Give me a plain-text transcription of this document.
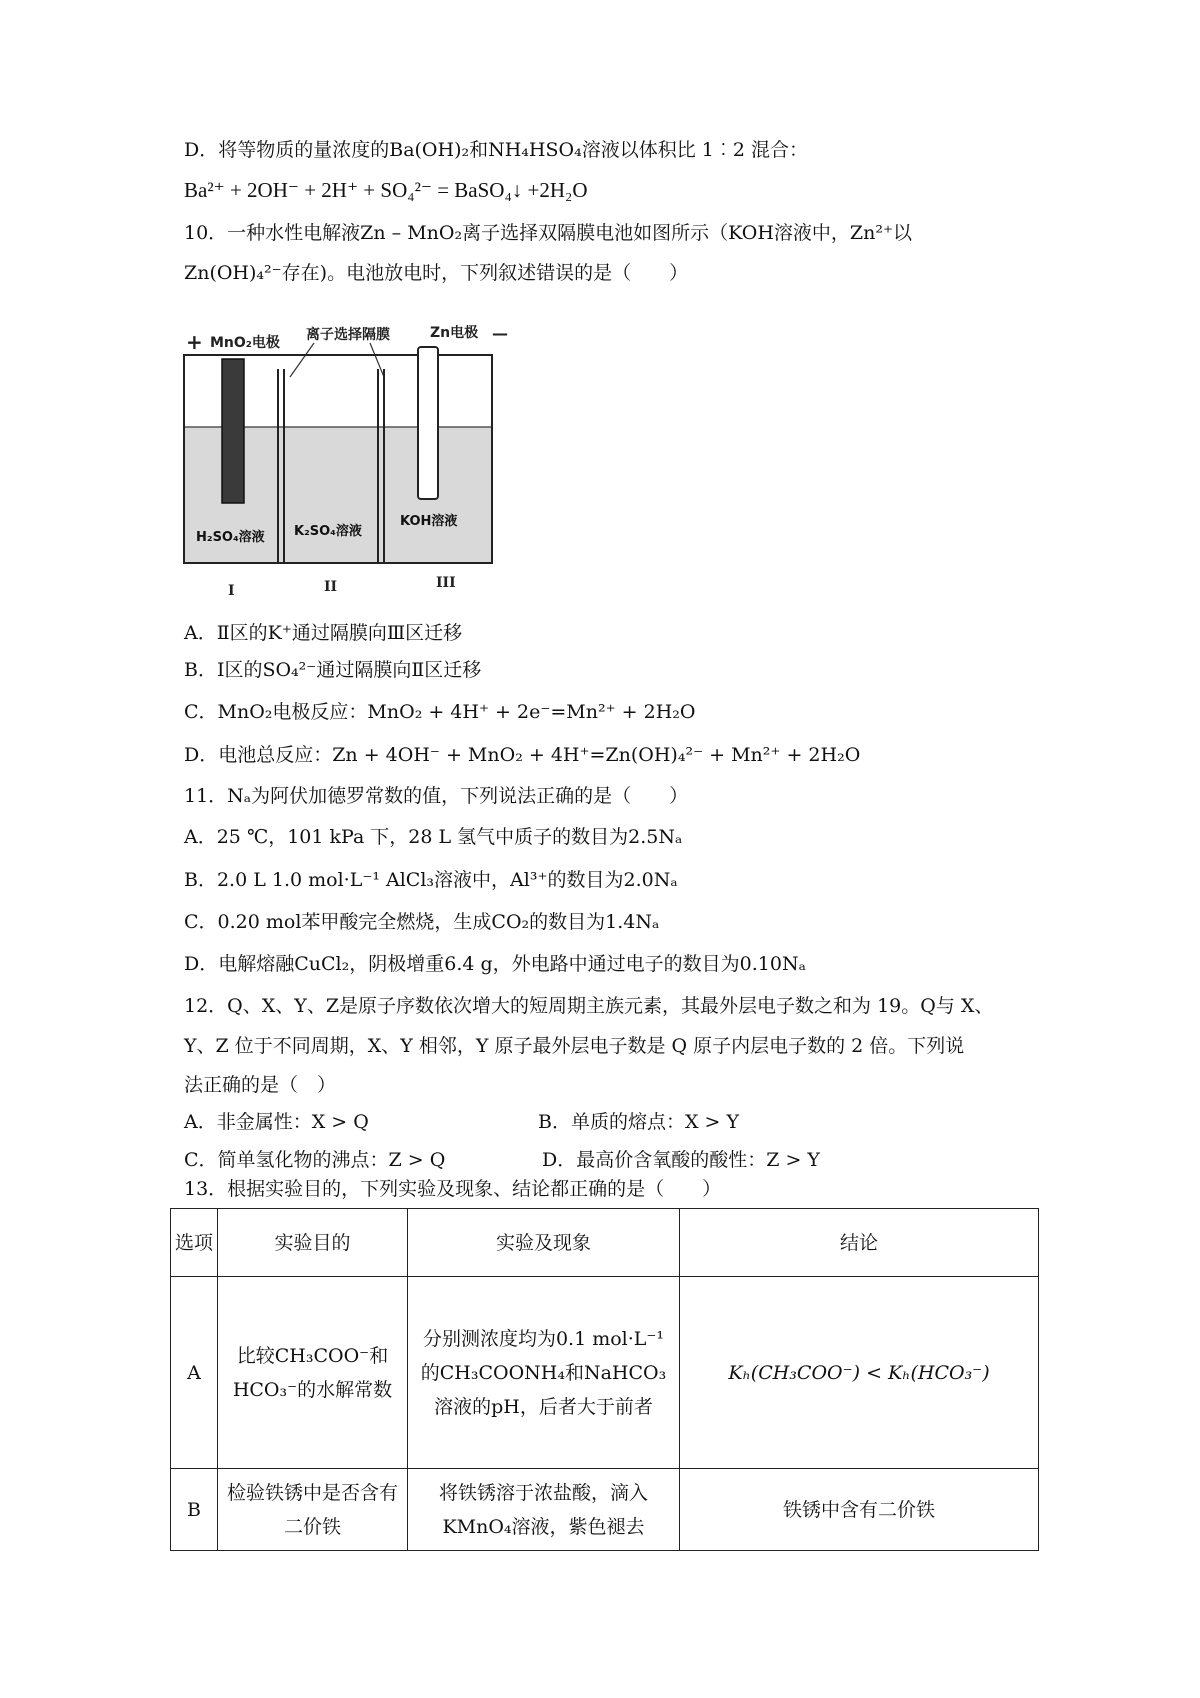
D．将等物质的量浓度的Ba(OH)₂和NH₄HSO₄溶液以体积比 1︰2 混合：
Ba²⁺ + 2OH⁻ + 2H⁺ + SO₄²⁻ = BaSO₄↓ +2H₂O
10．一种水性电解液Zn – MnO₂离子选择双隔膜电池如图所示（KOH溶液中，Zn²⁺以
Zn(OH)₄²⁻存在)。电池放电时，下列叙述错误的是（　　）
+ MnO₂电极 离子选择隔膜	Zn电极 —
H₂SO₄溶液 K₂SO₄溶液
KOH溶液
I	II	III
A．Ⅱ区的K⁺通过隔膜向Ⅲ区迁移
B．Ⅰ区的SO₄²⁻通过隔膜向Ⅱ区迁移
C．MnO₂电极反应：MnO₂ + 4H⁺ + 2e⁻=Mn²⁺ + 2H₂O
D．电池总反应：Zn + 4OH⁻ + MnO₂ + 4H⁺=Zn(OH)₄²⁻ + Mn²⁺ + 2H₂O
11．Nₐ为阿伏加德罗常数的值，下列说法正确的是（　　）
A．25 ℃，101 kPa 下，28 L 氢气中质子的数目为2.5Nₐ
B．2.0 L 1.0 mol·L⁻¹ AlCl₃溶液中，Al³⁺的数目为2.0Nₐ
C．0.20 mol苯甲酸完全燃烧，生成CO₂的数目为1.4Nₐ
D．电解熔融CuCl₂，阴极增重6.4 g，外电路中通过电子的数目为0.10Nₐ
12．Q、X、Y、Z是原子序数依次增大的短周期主族元素，其最外层电子数之和为 19。Q与 X、
Y、Z 位于不同周期，X、Y 相邻，Y 原子最外层电子数是 Q 原子内层电子数的 2 倍。下列说
法正确的是（　）
A．非金属性：X > Q	B．单质的熔点：X > Y
C．简单氢化物的沸点：Z > Q	D．最高价含氧酸的酸性：Z > Y
13．根据实验目的，下列实验及现象、结论都正确的是（　　）
选项	实验目的	实验及现象	结论
A	比较CH₃COO⁻和HCO₃⁻的水解常数	分别测浓度均为0.1 mol·L⁻¹的CH₃COONH₄和NaHCO₃溶液的pH，后者大于前者	Kₕ(CH₃COO⁻) < Kₕ(HCO₃⁻)
B	检验铁锈中是否含有二价铁	将铁锈溶于浓盐酸，滴入KMnO₄溶液，紫色褪去	铁锈中含有二价铁
